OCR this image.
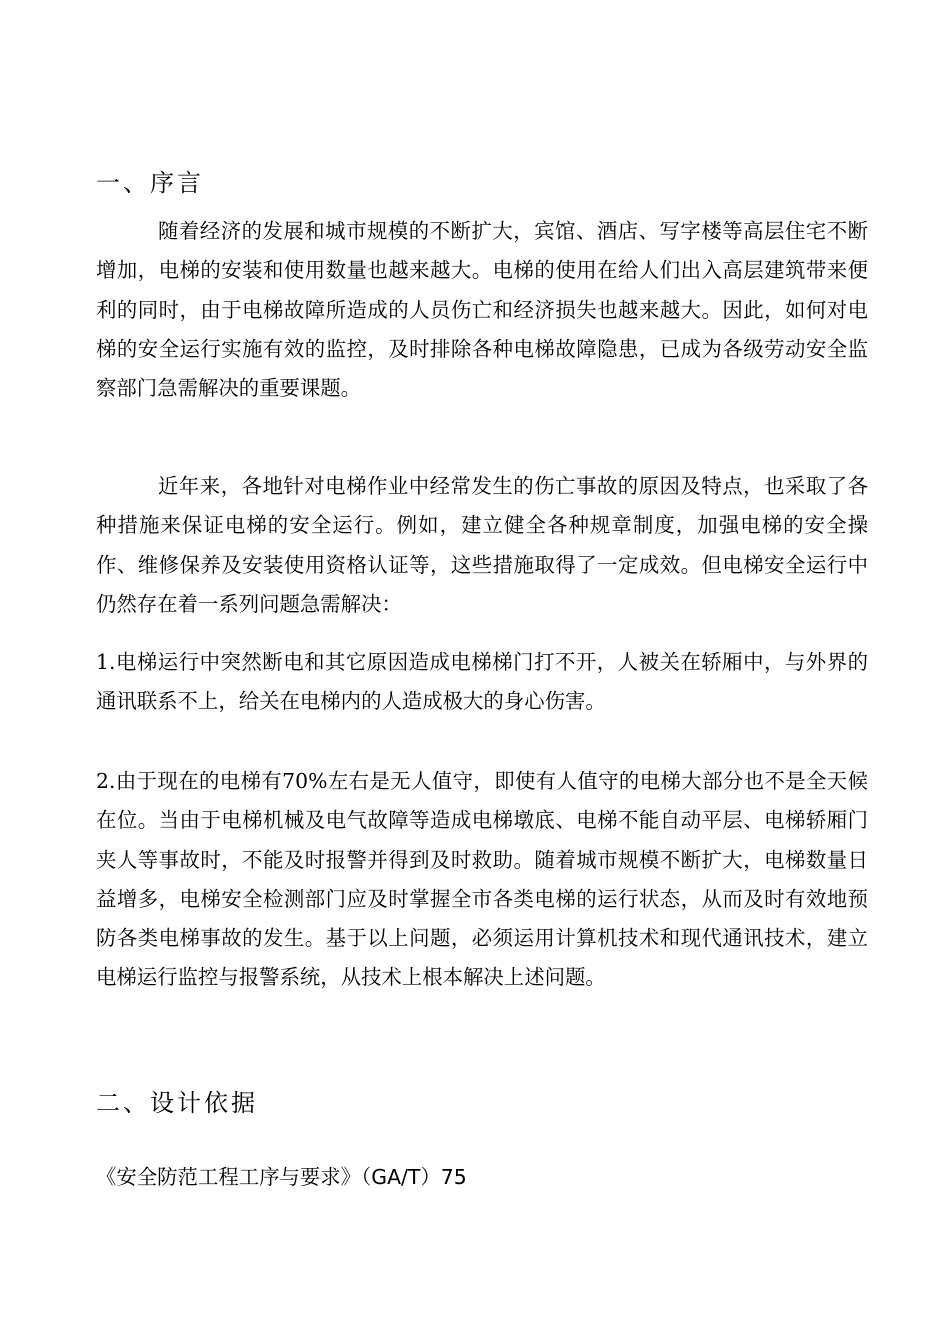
一、序言
随着经济的发展和城市规模的不断扩大，宾馆、酒店、写字楼等高层住宅不断增加，电梯的安装和使用数量也越来越大。电梯的使用在给人们出入高层建筑带来便利的同时，由于电梯故障所造成的人员伤亡和经济损失也越来越大。因此，如何对电梯的安全运行实施有效的监控，及时排除各种电梯故障隐患，已成为各级劳动安全监察部门急需解决的重要课题。
近年来，各地针对电梯作业中经常发生的伤亡事故的原因及特点，也采取了各种措施来保证电梯的安全运行。例如，建立健全各种规章制度，加强电梯的安全操作、维修保养及安装使用资格认证等，这些措施取得了一定成效。但电梯安全运行中仍然存在着一系列问题急需解决：
1.电梯运行中突然断电和其它原因造成电梯梯门打不开，人被关在轿厢中，与外界的通讯联系不上，给关在电梯内的人造成极大的身心伤害。
2.由于现在的电梯有70%左右是无人值守，即使有人值守的电梯大部分也不是全天候在位。当由于电梯机械及电气故障等造成电梯墩底、电梯不能自动平层、电梯轿厢门夹人等事故时，不能及时报警并得到及时救助。随着城市规模不断扩大，电梯数量日益增多，电梯安全检测部门应及时掌握全市各类电梯的运行状态，从而及时有效地预防各类电梯事故的发生。基于以上问题，必须运用计算机技术和现代通讯技术，建立电梯运行监控与报警系统，从技术上根本解决上述问题。
二、设计依据
《安全防范工程工序与要求》（GA/T）75
